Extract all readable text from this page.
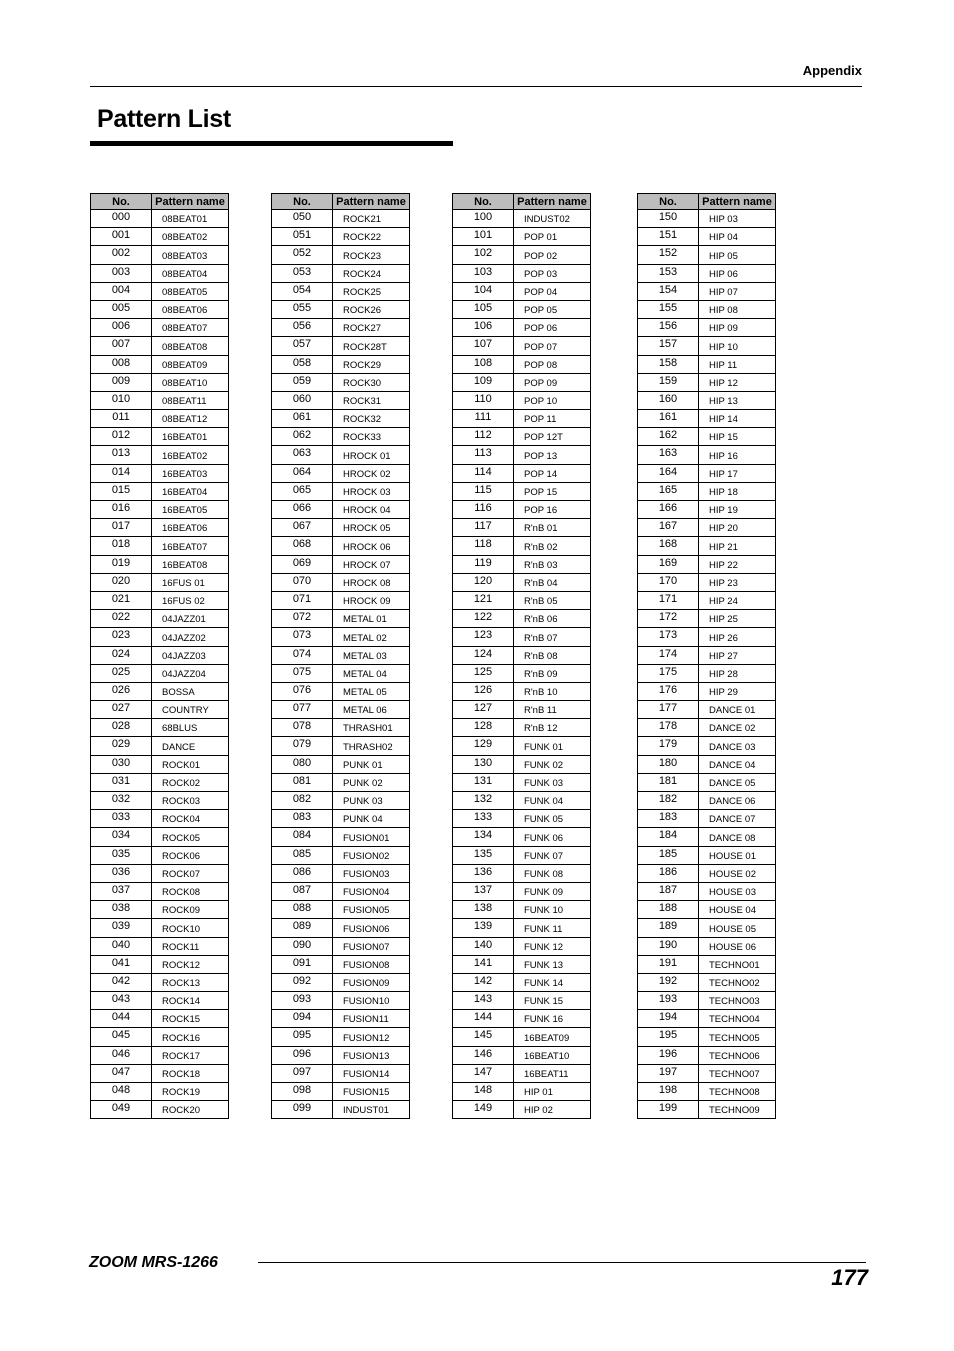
Appendix
Pattern List
No.	Pattern name
000	08BEAT01
001	08BEAT02
002	08BEAT03
003	08BEAT04
004	08BEAT05
005	08BEAT06
006	08BEAT07
007	08BEAT08
008	08BEAT09
009	08BEAT10
010	08BEAT11
011	08BEAT12
012	16BEAT01
013	16BEAT02
014	16BEAT03
015	16BEAT04
016	16BEAT05
017	16BEAT06
018	16BEAT07
019	16BEAT08
020	16FUS 01
021	16FUS 02
022	04JAZZ01
023	04JAZZ02
024	04JAZZ03
025	04JAZZ04
026	BOSSA
027	COUNTRY
028	68BLUS
029	DANCE
030	ROCK01
031	ROCK02
032	ROCK03
033	ROCK04
034	ROCK05
035	ROCK06
036	ROCK07
037	ROCK08
038	ROCK09
039	ROCK10
040	ROCK11
041	ROCK12
042	ROCK13
043	ROCK14
044	ROCK15
045	ROCK16
046	ROCK17
047	ROCK18
048	ROCK19
049	ROCK20
No.	Pattern name
050	ROCK21
051	ROCK22
052	ROCK23
053	ROCK24
054	ROCK25
055	ROCK26
056	ROCK27
057	ROCK28T
058	ROCK29
059	ROCK30
060	ROCK31
061	ROCK32
062	ROCK33
063	HROCK 01
064	HROCK 02
065	HROCK 03
066	HROCK 04
067	HROCK 05
068	HROCK 06
069	HROCK 07
070	HROCK 08
071	HROCK 09
072	METAL 01
073	METAL 02
074	METAL 03
075	METAL 04
076	METAL 05
077	METAL 06
078	THRASH01
079	THRASH02
080	PUNK 01
081	PUNK 02
082	PUNK 03
083	PUNK 04
084	FUSION01
085	FUSION02
086	FUSION03
087	FUSION04
088	FUSION05
089	FUSION06
090	FUSION07
091	FUSION08
092	FUSION09
093	FUSION10
094	FUSION11
095	FUSION12
096	FUSION13
097	FUSION14
098	FUSION15
099	INDUST01
No.	Pattern name
100	INDUST02
101	POP 01
102	POP 02
103	POP 03
104	POP 04
105	POP 05
106	POP 06
107	POP 07
108	POP 08
109	POP 09
110	POP 10
111	POP 11
112	POP 12T
113	POP 13
114	POP 14
115	POP 15
116	POP 16
117	R'nB 01
118	R'nB 02
119	R'nB 03
120	R'nB 04
121	R'nB 05
122	R'nB 06
123	R'nB 07
124	R'nB 08
125	R'nB 09
126	R'nB 10
127	R'nB 11
128	R'nB 12
129	FUNK 01
130	FUNK 02
131	FUNK 03
132	FUNK 04
133	FUNK 05
134	FUNK 06
135	FUNK 07
136	FUNK 08
137	FUNK 09
138	FUNK 10
139	FUNK 11
140	FUNK 12
141	FUNK 13
142	FUNK 14
143	FUNK 15
144	FUNK 16
145	16BEAT09
146	16BEAT10
147	16BEAT11
148	HIP 01
149	HIP 02
No.	Pattern name
150	HIP 03
151	HIP 04
152	HIP 05
153	HIP 06
154	HIP 07
155	HIP 08
156	HIP 09
157	HIP 10
158	HIP 11
159	HIP 12
160	HIP 13
161	HIP 14
162	HIP 15
163	HIP 16
164	HIP 17
165	HIP 18
166	HIP 19
167	HIP 20
168	HIP 21
169	HIP 22
170	HIP 23
171	HIP 24
172	HIP 25
173	HIP 26
174	HIP 27
175	HIP 28
176	HIP 29
177	DANCE 01
178	DANCE 02
179	DANCE 03
180	DANCE 04
181	DANCE 05
182	DANCE 06
183	DANCE 07
184	DANCE 08
185	HOUSE 01
186	HOUSE 02
187	HOUSE 03
188	HOUSE 04
189	HOUSE 05
190	HOUSE 06
191	TECHNO01
192	TECHNO02
193	TECHNO03
194	TECHNO04
195	TECHNO05
196	TECHNO06
197	TECHNO07
198	TECHNO08
199	TECHNO09
ZOOM MRS-1266
177
